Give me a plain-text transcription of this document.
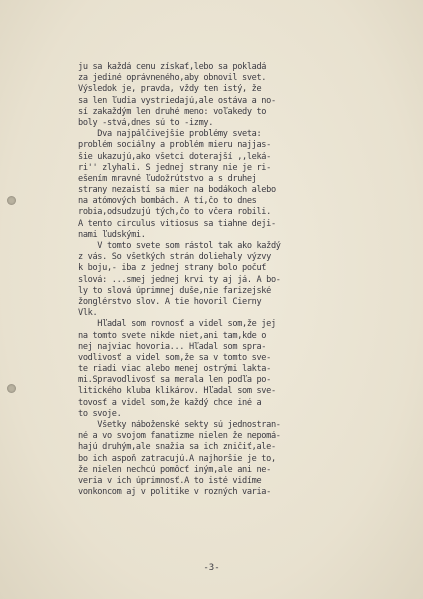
ju sa každá cenu získať,lebo sa pokladá
za jediné oprávneného,aby obnovil svet.
Výsledok je, pravda, vždy ten istý, že
sa len ľudia vystriedajú,ale ostáva a no-
sí zakaždým len druhé meno: voľakedy to
boly -stvá,dnes sú to -izmy.
Dva najpálčivejšie problémy sveta:
problém sociálny a problém mieru najjas-
šie ukazujú,ako všetci doterajší ,,leká-
ri'' zlyhali. S jednej strany nie je ri-
ešením mravné ľudožrútstvo a s druhej
strany nezaistí sa mier na bodákoch alebo
na atómových bombách. A tí,čo to dnes
robia,odsudzujú tých,čo to včera robili.
A tento circulus vitiosus sa tiahne deji-
nami ľudskými.
V tomto svete som rástol tak ako každý
z vás. So všetkých strán doliehaly výzvy
k boju,- iba z jednej strany bolo počuť
slová: ...smej jednej krvi ty aj já. A bo-
ly to slová úprimnej duše,nie farizejské
žonglérstvo slov. A tie hovoril Čierny
Vlk.
Hľadal som rovnosť a videl som,že jej
na tomto svete nikde niet,ani tam,kde o
nej najviac hovoria... Hľadal som spra-
vodlivosť a videl som,že sa v tomto sve-
te riadi viac alebo menej ostrými lakta-
mi.Spravodlivosť sa merala len podľa po-
litického kluba klikárov. Hľadal som sve-
tovosť a videl som,že každý chce iné a
to svoje.
Všetky náboženské sekty sú jednostran-
né a vo svojom fanatizme nielen že nepomá-
hajú druhým,ale snažia sa ich zničiť,ale-
bo ich aspoň zatracujú.A najhoršie je to,
že nielen nechcú pomôcť iným,ale ani ne-
veria v ich úprimnosť.A to isté vidíme
vonkoncom aj v politike v rozných varia-
-3-
